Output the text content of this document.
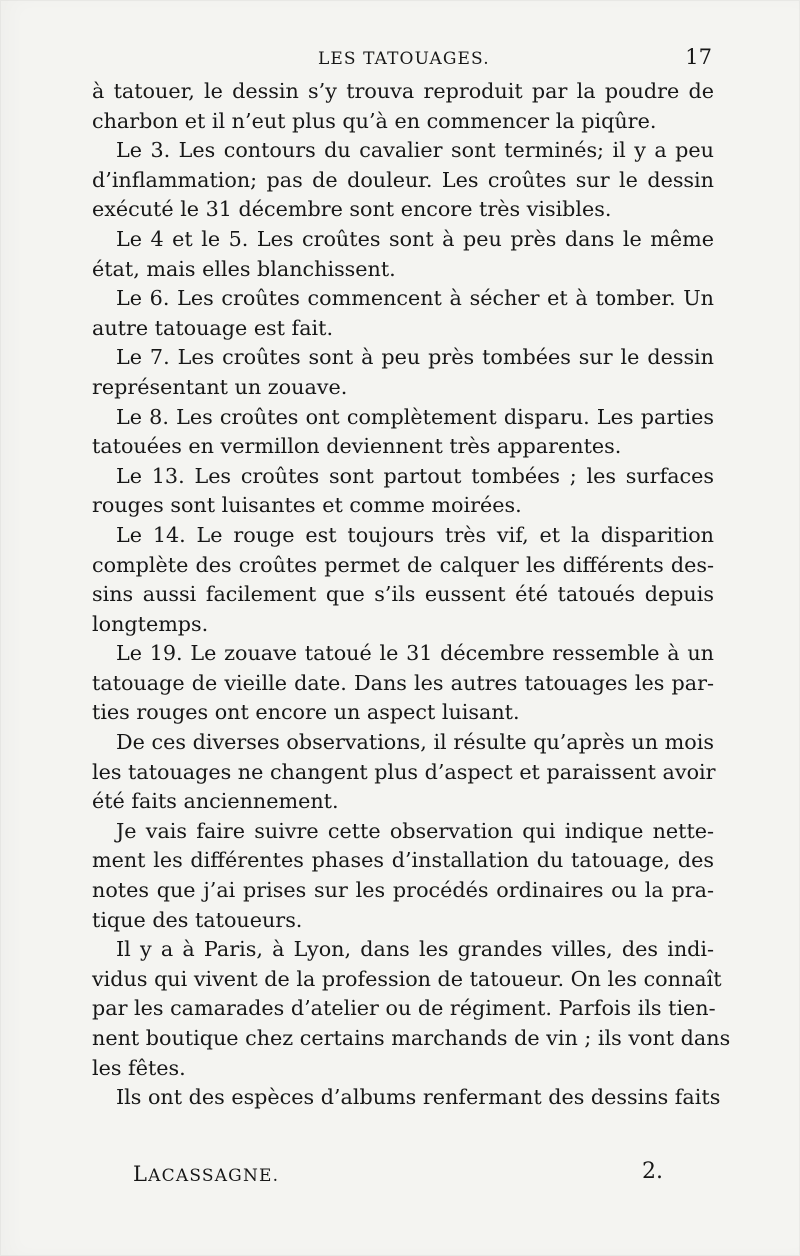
LES TATOUAGES.	17
à tatouer, le dessin s’y trouva reproduit par la poudre de
charbon et il n’eut plus qu’à en commencer la piqûre.
Le 3. Les contours du cavalier sont terminés; il y a peu
d’inflammation; pas de douleur. Les croûtes sur le dessin
exécuté le 31 décembre sont encore très visibles.
Le 4 et le 5. Les croûtes sont à peu près dans le même
état, mais elles blanchissent.
Le 6. Les croûtes commencent à sécher et à tomber. Un
autre tatouage est fait.
Le 7. Les croûtes sont à peu près tombées sur le dessin
représentant un zouave.
Le 8. Les croûtes ont complètement disparu. Les parties
tatouées en vermillon deviennent très apparentes.
Le 13. Les croûtes sont partout tombées ; les surfaces
rouges sont luisantes et comme moirées.
Le 14. Le rouge est toujours très vif, et la disparition
complète des croûtes permet de calquer les différents des-
sins aussi facilement que s’ils eussent été tatoués depuis
longtemps.
Le 19. Le zouave tatoué le 31 décembre ressemble à un
tatouage de vieille date. Dans les autres tatouages les par-
ties rouges ont encore un aspect luisant.
De ces diverses observations, il résulte qu’après un mois
les tatouages ne changent plus d’aspect et paraissent avoir
été faits anciennement.
Je vais faire suivre cette observation qui indique nette-
ment les différentes phases d’installation du tatouage, des
notes que j’ai prises sur les procédés ordinaires ou la pra-
tique des tatoueurs.
Il y a à Paris, à Lyon, dans les grandes villes, des indi-
vidus qui vivent de la profession de tatoueur. On les connaît
par les camarades d’atelier ou de régiment. Parfois ils tien-
nent boutique chez certains marchands de vin ; ils vont dans
les fêtes.
Ils ont des espèces d’albums renfermant des dessins faits
LACASSAGNE.	2.
